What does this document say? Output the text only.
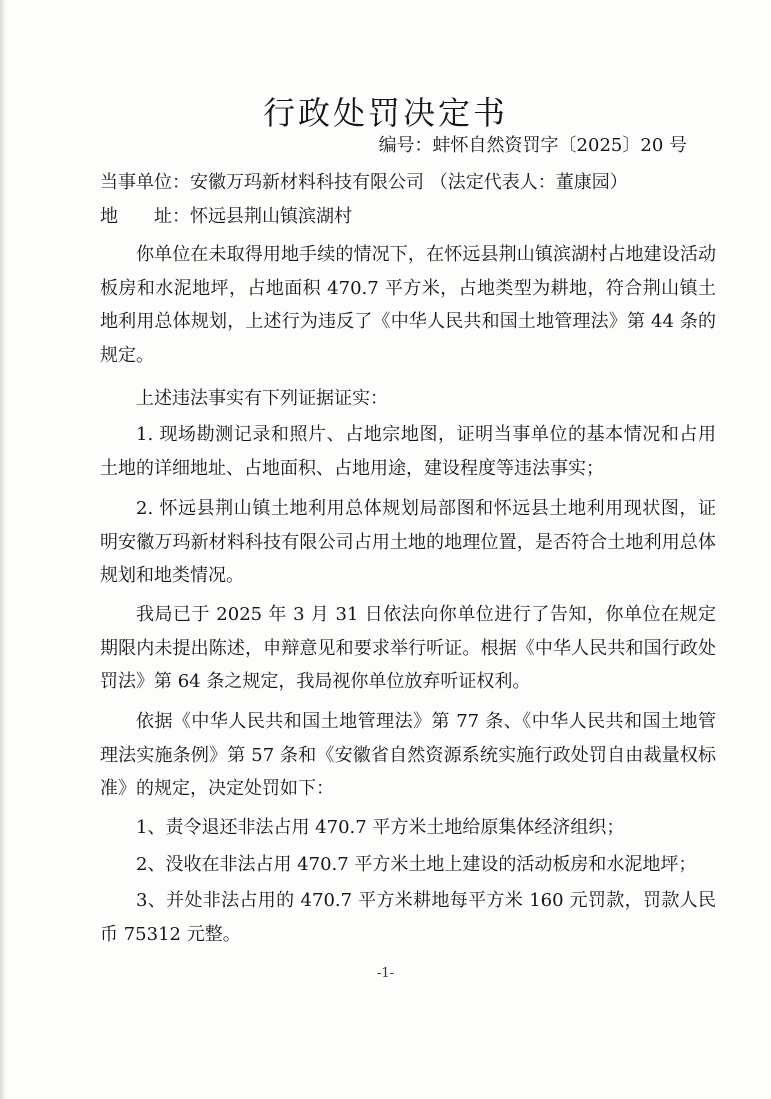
行政处罚决定书
编号：蚌怀自然资罚字〔2025〕20 号
当事单位：安徽万玛新材料科技有限公司 （法定代表人：董康园）
地　　址：怀远县荆山镇滨湖村

你单位在未取得用地手续的情况下，在怀远县荆山镇滨湖村占地建设活动板房和水泥地坪，占地面积 470.7 平方米，占地类型为耕地，符合荆山镇土地利用总体规划，上述行为违反了《中华人民共和国土地管理法》第 44 条的规定。

上述违法事实有下列证据证实：

1. 现场勘测记录和照片、占地宗地图，证明当事单位的基本情况和占用土地的详细地址、占地面积、占地用途，建设程度等违法事实；

2. 怀远县荆山镇土地利用总体规划局部图和怀远县土地利用现状图，证明安徽万玛新材料科技有限公司占用土地的地理位置，是否符合土地利用总体规划和地类情况。

我局已于 2025 年 3 月 31 日依法向你单位进行了告知，你单位在规定期限内未提出陈述，申辩意见和要求举行听证。根据《中华人民共和国行政处罚法》第 64 条之规定，我局视你单位放弃听证权利。

依据《中华人民共和国土地管理法》第 77 条、《中华人民共和国土地管理法实施条例》第 57 条和《安徽省自然资源系统实施行政处罚自由裁量权标准》的规定，决定处罚如下：

1、责令退还非法占用 470.7 平方米土地给原集体经济组织；

2、没收在非法占用 470.7 平方米土地上建设的活动板房和水泥地坪；

3、并处非法占用的 470.7 平方米耕地每平方米 160 元罚款，罚款人民币 75312 元整。

-1-
